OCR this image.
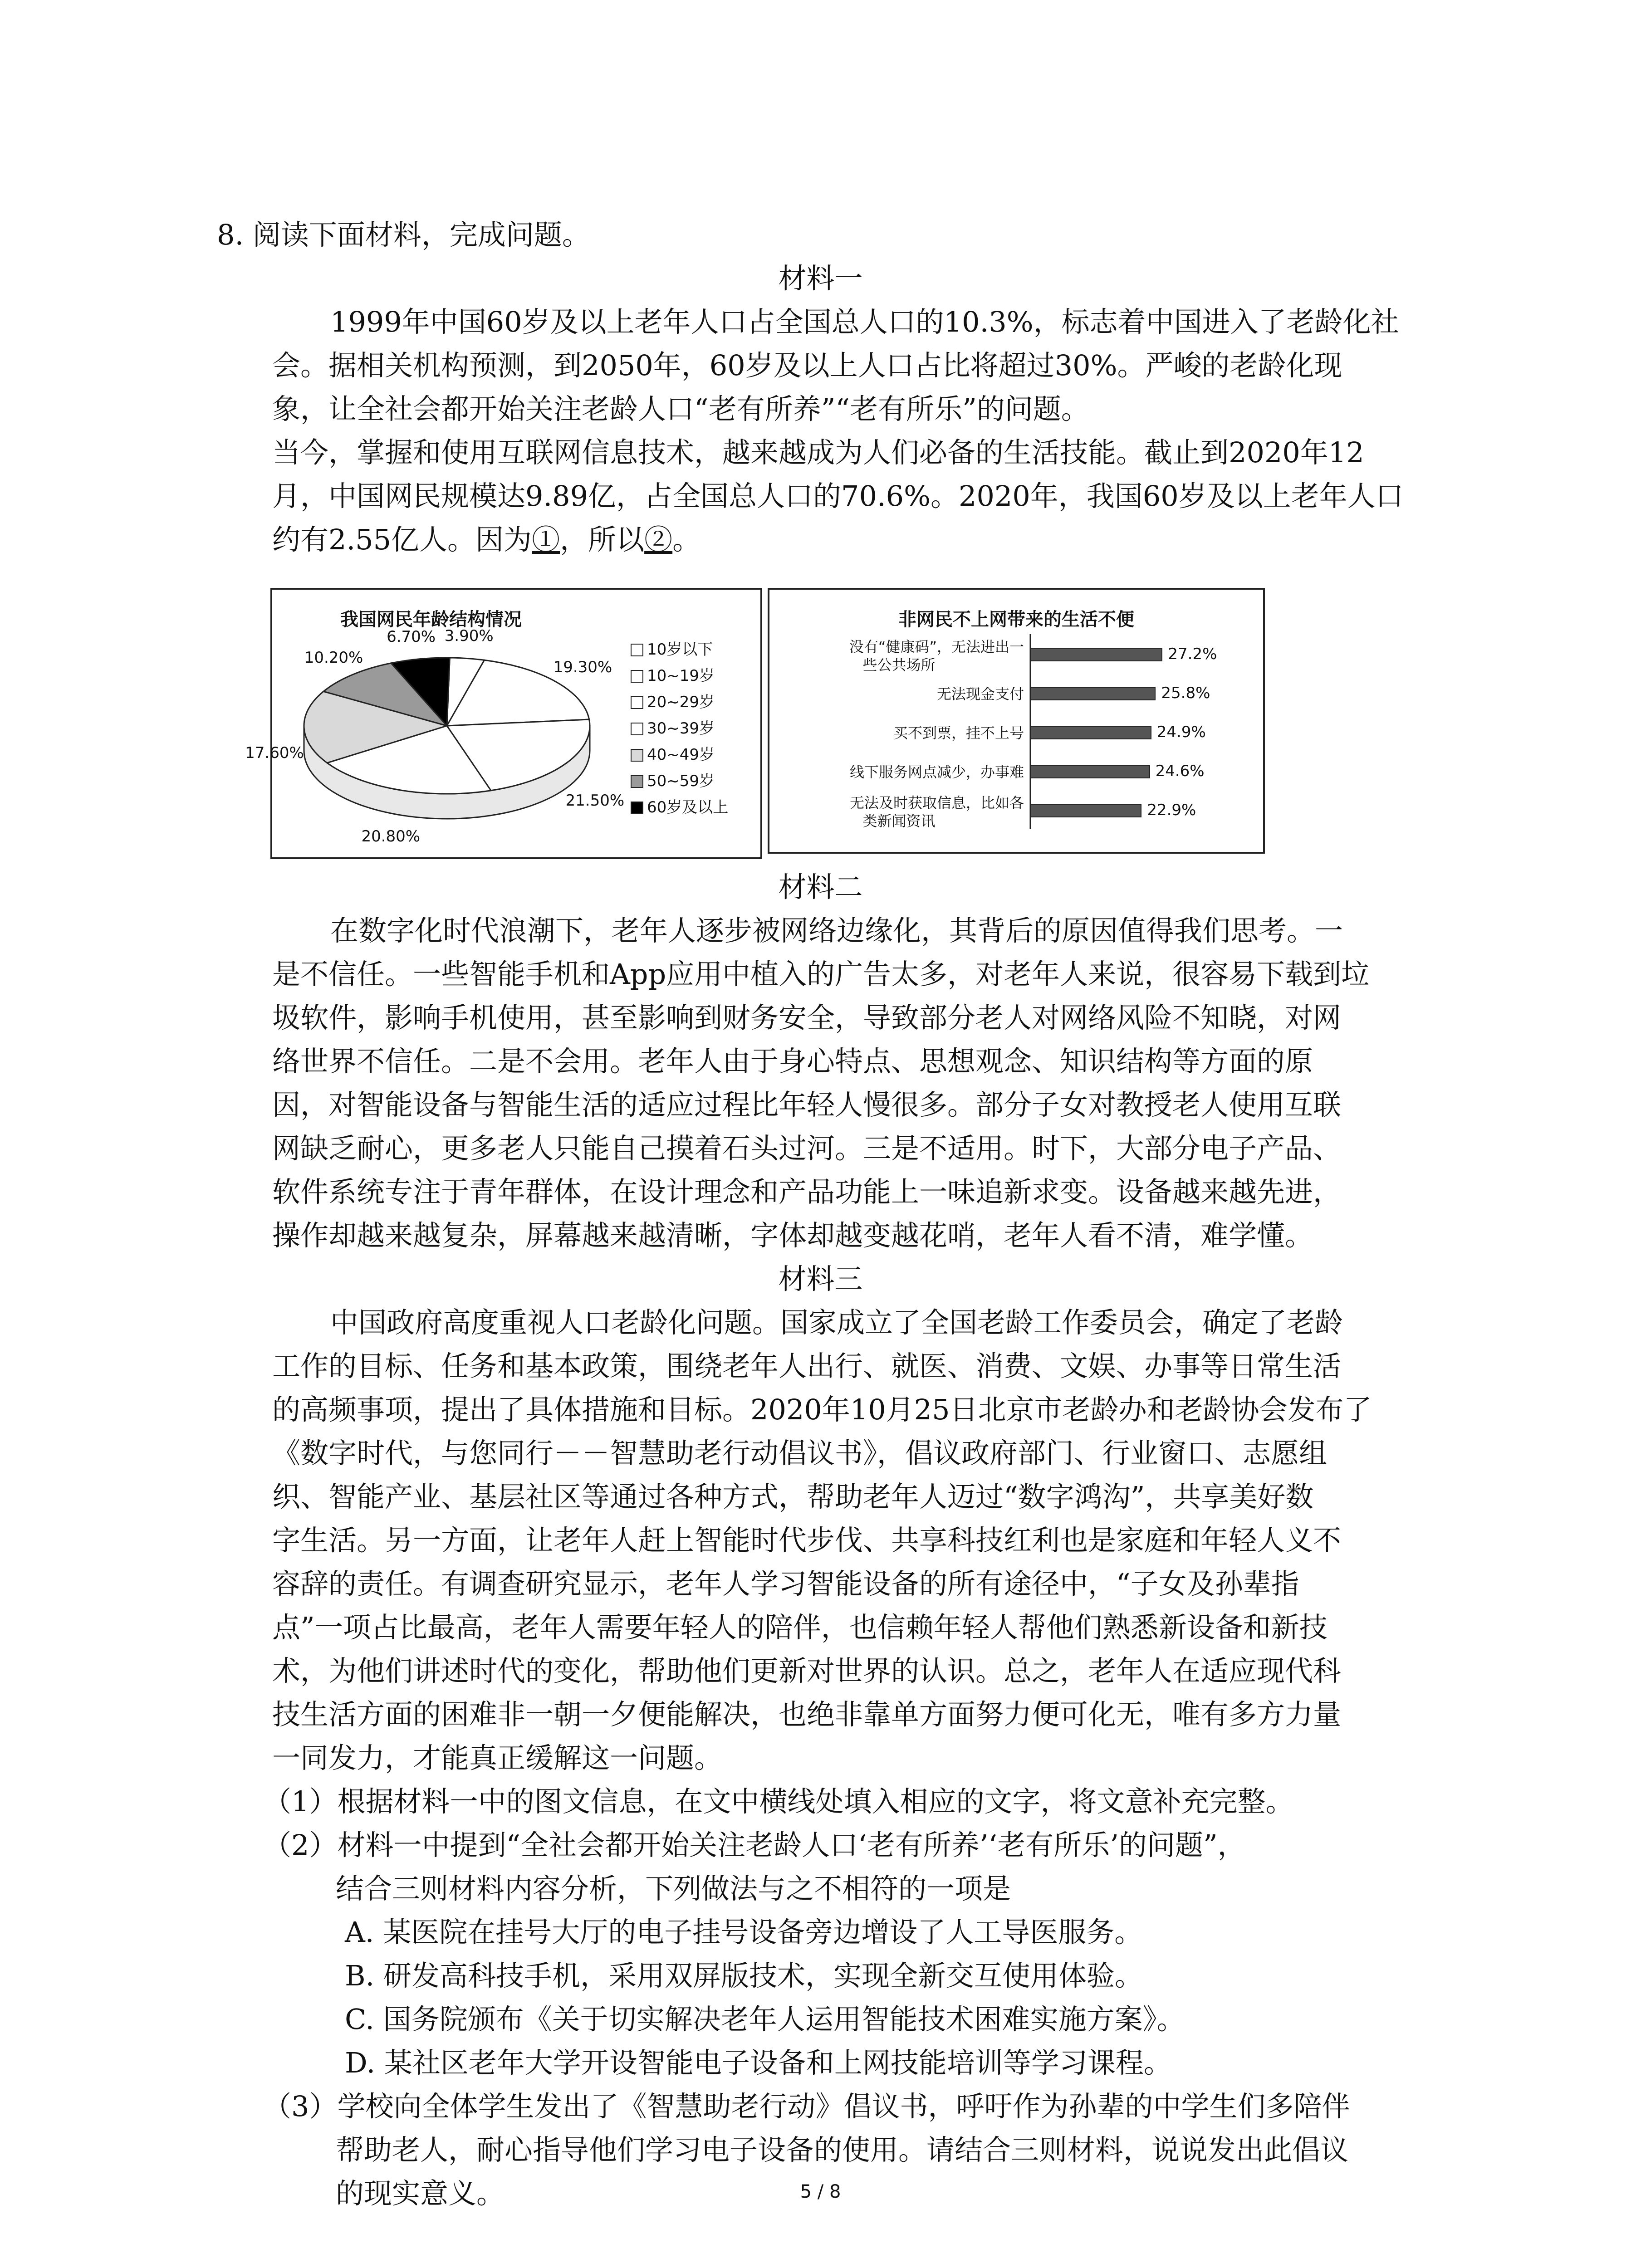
8. 阅读下面材料，完成问题。
材料一
1999年中国60岁及以上老年人口占全国总人口的10.3%，标志着中国进入了老龄化社
会。据相关机构预测，到2050年，60岁及以上人口占比将超过30%。严峻的老龄化现
象，让全社会都开始关注老龄人口“老有所养”“老有所乐”的问题。
当今，掌握和使用互联网信息技术，越来越成为人们必备的生活技能。截止到2020年12
月，中国网民规模达9.89亿，占全国总人口的70.6%。2020年，我国60岁及以上老年人口
约有2.55亿人。因为①，所以②。
我国网民年龄结构情况
3.90%
19.30%
21.50%
20.80%
17.60%
10.20%
6.70%
10岁以下
10~19岁
20~29岁
30~39岁
40~49岁
50~59岁
60岁及以上
非网民不上网带来的生活不便
没有“健康码”，无法进出一
些公共场所
27.2%
无法现金支付	25.8%
买不到票，挂不上号	24.9%
线下服务网点减少，办事难	24.6%
无法及时获取信息，比如各
类新闻资讯
22.9%
材料二
在数字化时代浪潮下，老年人逐步被网络边缘化，其背后的原因值得我们思考。一
是不信任。一些智能手机和App应用中植入的广告太多，对老年人来说，很容易下载到垃
圾软件，影响手机使用，甚至影响到财务安全，导致部分老人对网络风险不知晓，对网
络世界不信任。二是不会用。老年人由于身心特点、思想观念、知识结构等方面的原
因，对智能设备与智能生活的适应过程比年轻人慢很多。部分子女对教授老人使用互联
网缺乏耐心，更多老人只能自己摸着石头过河。三是不适用。时下，大部分电子产品、
软件系统专注于青年群体，在设计理念和产品功能上一味追新求变。设备越来越先进，
操作却越来越复杂，屏幕越来越清晰，字体却越变越花哨，老年人看不清，难学懂。
材料三
中国政府高度重视人口老龄化问题。国家成立了全国老龄工作委员会，确定了老龄
工作的目标、任务和基本政策，围绕老年人出行、就医、消费、文娱、办事等日常生活
的高频事项，提出了具体措施和目标。2020年10月25日北京市老龄办和老龄协会发布了
《数字时代，与您同行－－智慧助老行动倡议书》，倡议政府部门、行业窗口、志愿组
织、智能产业、基层社区等通过各种方式，帮助老年人迈过“数字鸿沟”，共享美好数
字生活。另一方面，让老年人赶上智能时代步伐、共享科技红利也是家庭和年轻人义不
容辞的责任。有调查研究显示，老年人学习智能设备的所有途径中，“子女及孙辈指
点”一项占比最高，老年人需要年轻人的陪伴，也信赖年轻人帮他们熟悉新设备和新技
术，为他们讲述时代的变化，帮助他们更新对世界的认识。总之，老年人在适应现代科
技生活方面的困难非一朝一夕便能解决，也绝非靠单方面努力便可化无，唯有多方力量
一同发力，才能真正缓解这一问题。
（1）根据材料一中的图文信息，在文中横线处填入相应的文字，将文意补充完整。
（2）材料一中提到“全社会都开始关注老龄人口‘老有所养’‘老有所乐’的问题”，
结合三则材料内容分析，下列做法与之不相符的一项是
A. 某医院在挂号大厅的电子挂号设备旁边增设了人工导医服务。
B. 研发高科技手机，采用双屏版技术，实现全新交互使用体验。
C. 国务院颁布《关于切实解决老年人运用智能技术困难实施方案》。
D. 某社区老年大学开设智能电子设备和上网技能培训等学习课程。
（3）学校向全体学生发出了《智慧助老行动》倡议书，呼吁作为孙辈的中学生们多陪伴
帮助老人，耐心指导他们学习电子设备的使用。请结合三则材料，说说发出此倡议
的现实意义。	5 / 8
